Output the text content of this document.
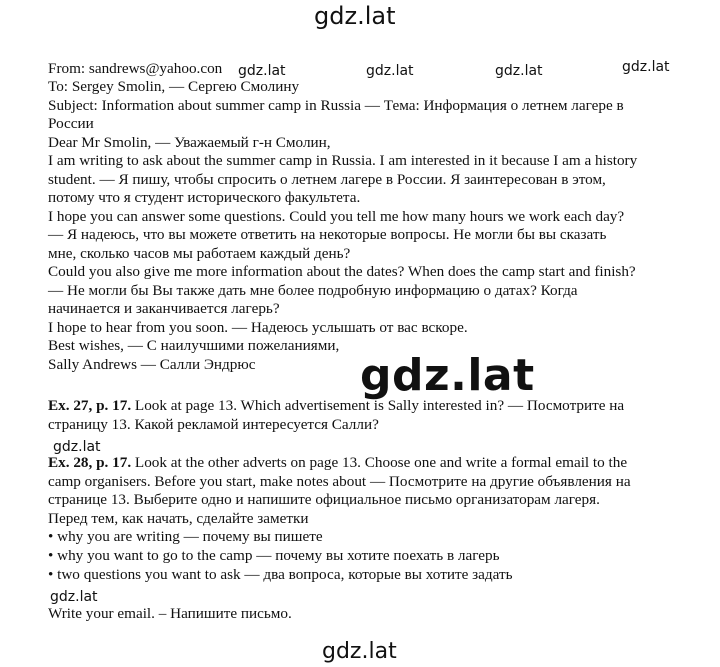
gdz.lat
gdz.lat	gdz.lat	gdz.lat	gdz.lat
gdz.lat
gdz.lat
gdz.lat
gdz.lat
From: sandrews@yahoo.con
To: Sergey Smolin, — Сергею Смолину
Subject: Information about summer camp in Russia — Тема: Информация о летнем лагере в
России
Dear Mr Smolin, — Уважаемый г-н Смолин,
I am writing to ask about the summer camp in Russia. I am interested in it because I am a history
student. — Я пишу, чтобы спросить о летнем лагере в России. Я заинтересован в этом,
потому что я студент исторического факультета.
I hope you can answer some questions. Could you tell me how many hours we work each day?
— Я надеюсь, что вы можете ответить на некоторые вопросы. Не могли бы вы сказать
мне, сколько часов мы работаем каждый день?
Could you also give me more information about the dates? When does the camp start and finish?
— Не могли бы Вы также дать мне более подробную информацию о датах? Когда
начинается и заканчивается лагерь?
I hope to hear from you soon. — Надеюсь услышать от вас вскоре.
Best wishes, — С наилучшими пожеланиями,
Sally Andrews — Салли Эндрюс
Ex. 27, p. 17. Look at page 13. Which advertisement is Sally interested in? — Посмотрите на
страницу 13. Какой рекламой интересуется Салли?
Ex. 28, p. 17. Look at the other adverts on page 13. Choose one and write a formal email to the
camp organisers. Before you start, make notes about — Посмотрите на другие объявления на
странице 13. Выберите одно и напишите официальное письмо организаторам лагеря.
Перед тем, как начать, сделайте заметки
• why you are writing — почему вы пишете
• why you want to go to the camp — почему вы хотите поехать в лагерь
• two questions you want to ask — два вопроса, которые вы хотите задать
Write your email. – Напишите письмо.
